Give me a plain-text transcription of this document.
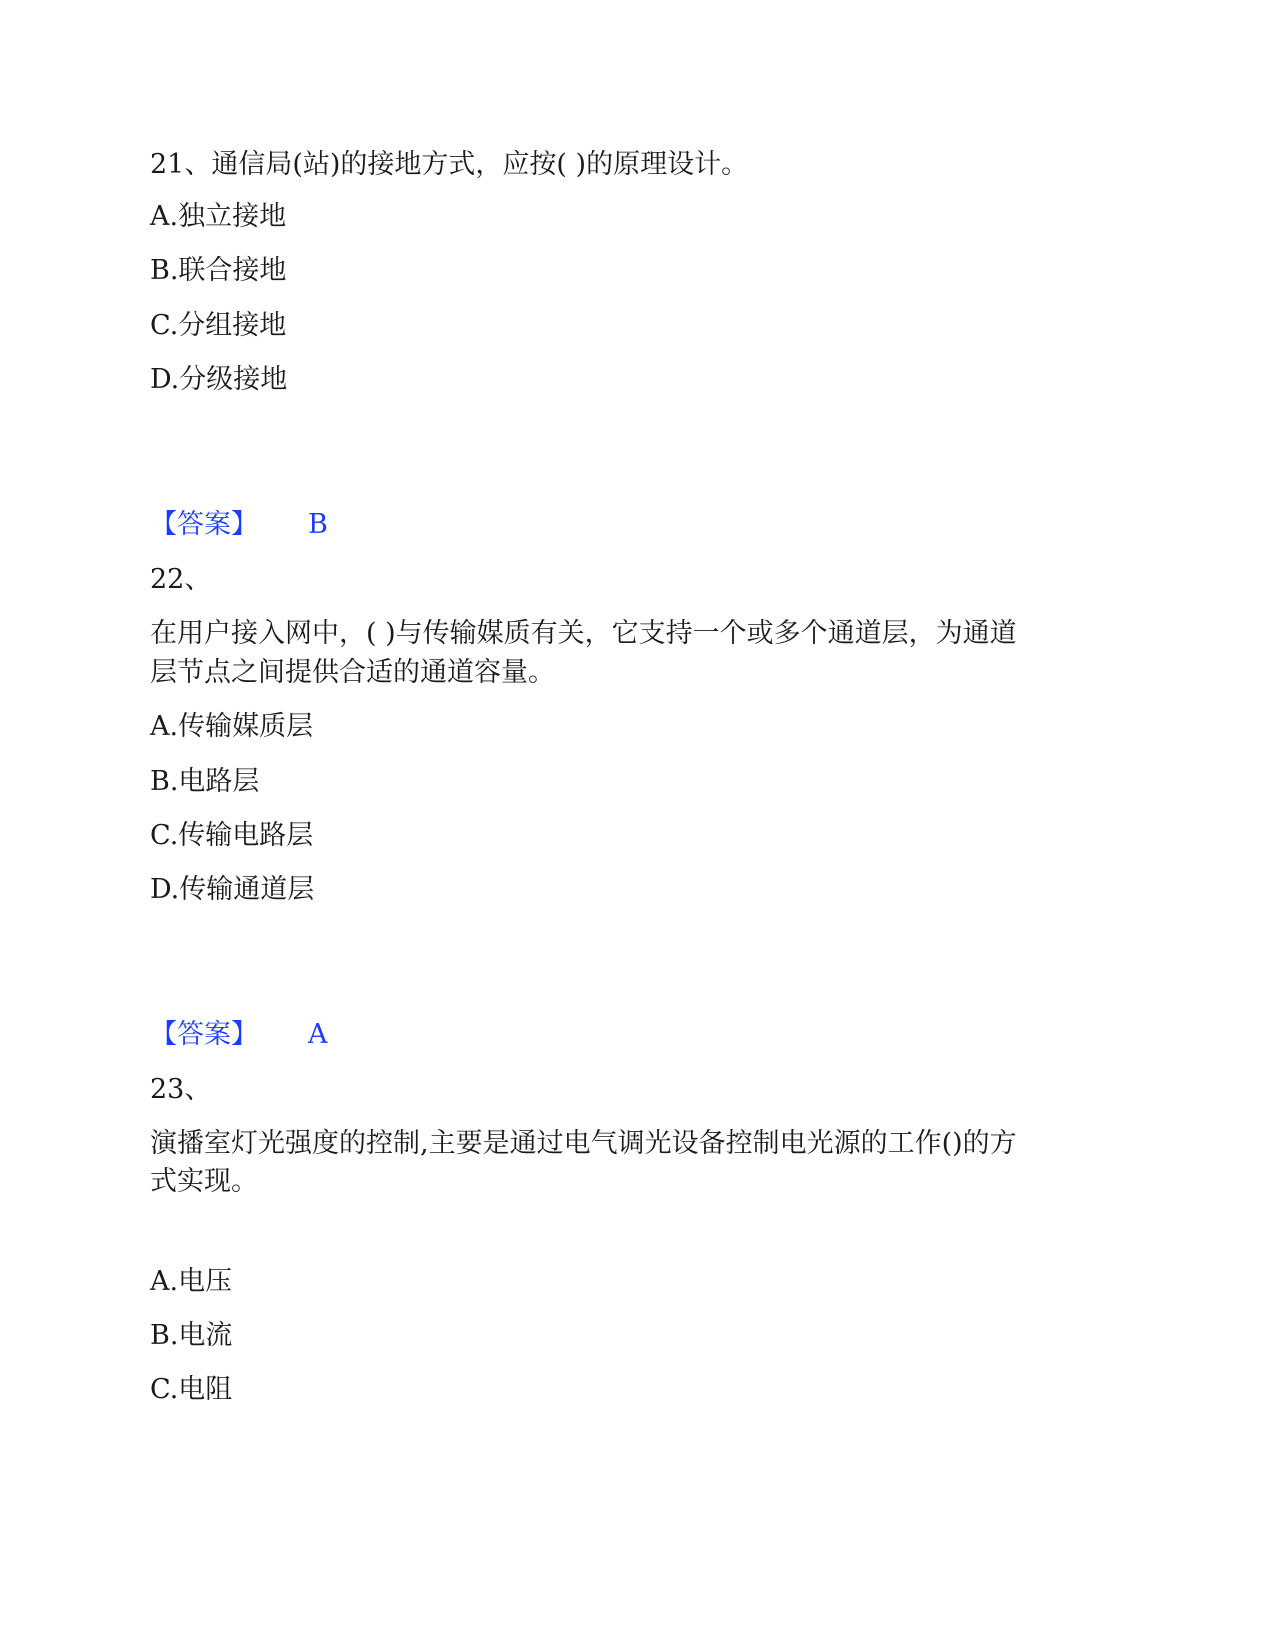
21、通信局(站)的接地方式，应按( )的原理设计。
A.独立接地
B.联合接地
C.分组接地
D.分级接地
【答案】 B
22、
在用户接入网中，( )与传输媒质有关，它支持一个或多个通道层，为通道
层节点之间提供合适的通道容量。
A.传输媒质层
B.电路层
C.传输电路层
D.传输通道层
【答案】 A
23、
演播室灯光强度的控制,主要是通过电气调光设备控制电光源的工作()的方
式实现。
A.电压
B.电流
C.电阻
